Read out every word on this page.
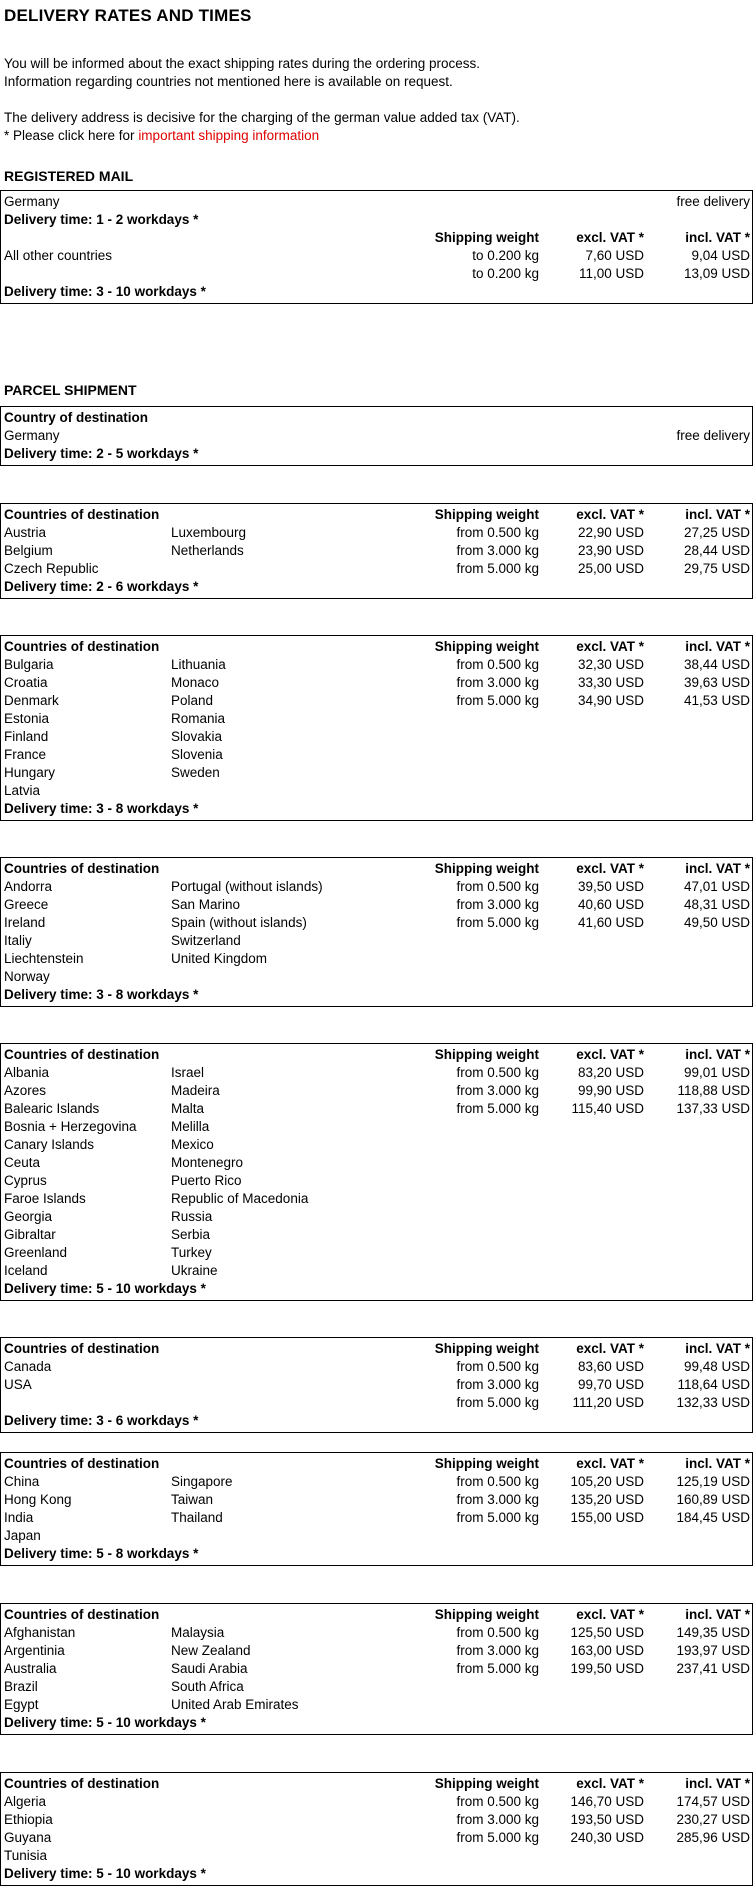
DELIVERY RATES AND TIMES

You will be informed about the exact shipping rates during the ordering process.

Information regarding countries not mentioned here is available on request.

The delivery address is decisive for the charging of the german value added tax (VAT).

* Please click here for important shipping information

REGISTERED MAIL
Germany	free delivery
Delivery time: 1 - 2 workdays *
Shipping weight	excl. VAT *	incl. VAT *
All other countries	to 0.200 kg	7,60 USD	9,04 USD
to 0.200 kg	11,00 USD	13,09 USD
Delivery time: 3 - 10 workdays *
PARCEL SHIPMENT
Country of destination
Germany	free delivery
Delivery time: 2 - 5 workdays *
Countries of destination	Shipping weight	excl. VAT *	incl. VAT *
Austria	Luxembourg	from 0.500 kg	22,90 USD	27,25 USD
Belgium	Netherlands	from 3.000 kg	23,90 USD	28,44 USD
Czech Republic	from 5.000 kg	25,00 USD	29,75 USD
Delivery time: 2 - 6 workdays *
Countries of destination	Shipping weight	excl. VAT *	incl. VAT *
Bulgaria	Lithuania	from 0.500 kg	32,30 USD	38,44 USD
Croatia	Monaco	from 3.000 kg	33,30 USD	39,63 USD
Denmark	Poland	from 5.000 kg	34,90 USD	41,53 USD
Estonia	Romania
Finland	Slovakia
France	Slovenia
Hungary	Sweden
Latvia
Delivery time: 3 - 8 workdays *
Countries of destination	Shipping weight	excl. VAT *	incl. VAT *
Andorra	Portugal (without islands)	from 0.500 kg	39,50 USD	47,01 USD
Greece	San Marino	from 3.000 kg	40,60 USD	48,31 USD
Ireland	Spain (without islands)	from 5.000 kg	41,60 USD	49,50 USD
Italiy	Switzerland
Liechtenstein	United Kingdom
Norway
Delivery time: 3 - 8 workdays *
Countries of destination	Shipping weight	excl. VAT *	incl. VAT *
Albania	Israel	from 0.500 kg	83,20 USD	99,01 USD
Azores	Madeira	from 3.000 kg	99,90 USD 118,88 USD
Balearic Islands	Malta	from 5.000 kg 115,40 USD 137,33 USD
Bosnia + Herzegovina	Melilla
Canary Islands	Mexico
Ceuta	Montenegro
Cyprus	Puerto Rico
Faroe Islands	Republic of Macedonia
Georgia	Russia
Gibraltar	Serbia
Greenland	Turkey
Iceland	Ukraine
Delivery time: 5 - 10 workdays *
Countries of destination	Shipping weight	excl. VAT *	incl. VAT *
Canada	from 0.500 kg	83,60 USD	99,48 USD
USA	from 3.000 kg	99,70 USD 118,64 USD
from 5.000 kg 111,20 USD 132,33 USD
Delivery time: 3 - 6 workdays *
Countries of destination	Shipping weight	excl. VAT *	incl. VAT *
China	Singapore	from 0.500 kg 105,20 USD 125,19 USD
Hong Kong	Taiwan	from 3.000 kg 135,20 USD 160,89 USD
India	Thailand	from 5.000 kg 155,00 USD 184,45 USD
Japan
Delivery time: 5 - 8 workdays *
Countries of destination	Shipping weight	excl. VAT *	incl. VAT *
Afghanistan	Malaysia	from 0.500 kg 125,50 USD 149,35 USD
Argentinia	New Zealand	from 3.000 kg 163,00 USD 193,97 USD
Australia	Saudi Arabia	from 5.000 kg 199,50 USD 237,41 USD
Brazil	South Africa
Egypt	United Arab Emirates
Delivery time: 5 - 10 workdays *
Countries of destination	Shipping weight	excl. VAT *	incl. VAT *
Algeria	from 0.500 kg 146,70 USD 174,57 USD
Ethiopia	from 3.000 kg 193,50 USD 230,27 USD
Guyana	from 5.000 kg 240,30 USD 285,96 USD
Tunisia
Delivery time: 5 - 10 workdays *
